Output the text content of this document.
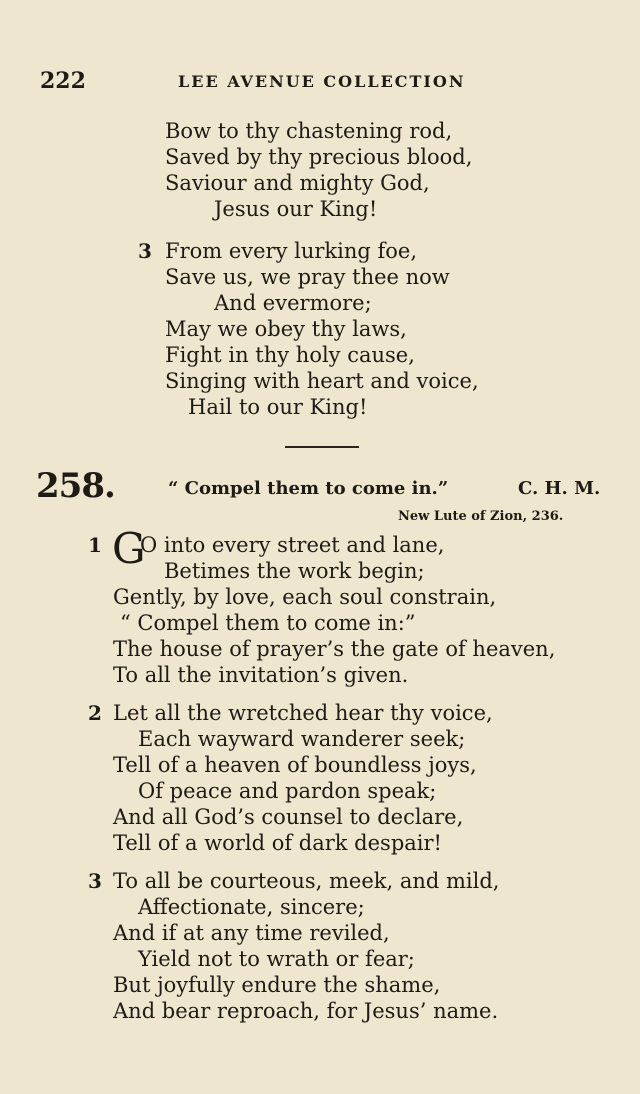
222	LEE AVENUE COLLECTION
Bow to thy chastening rod,
Saved by thy precious blood,
Saviour and mighty God,
Jesus our King!
3 From every lurking foe,
Save us, we pray thee now
And evermore;
May we obey thy laws,
Fight in thy holy cause,
Singing with heart and voice,
Hail to our King!
258.	“ Compel them to come in.”	C. H. M.
New Lute of Zion, 236.
1 G
O into every street and lane,
Betimes the work begin;
Gently, by love, each soul constrain,
“ Compel them to come in:”
The house of prayer’s the gate of heaven,
To all the invitation’s given.
2 Let all the wretched hear thy voice,
Each wayward wanderer seek;
Tell of a heaven of boundless joys,
Of peace and pardon speak;
And all God’s counsel to declare,
Tell of a world of dark despair!
3 To all be courteous, meek, and mild,
Affectionate, sincere;
And if at any time reviled,
Yield not to wrath or fear;
But joyfully endure the shame,
And bear reproach, for Jesus’ name.
